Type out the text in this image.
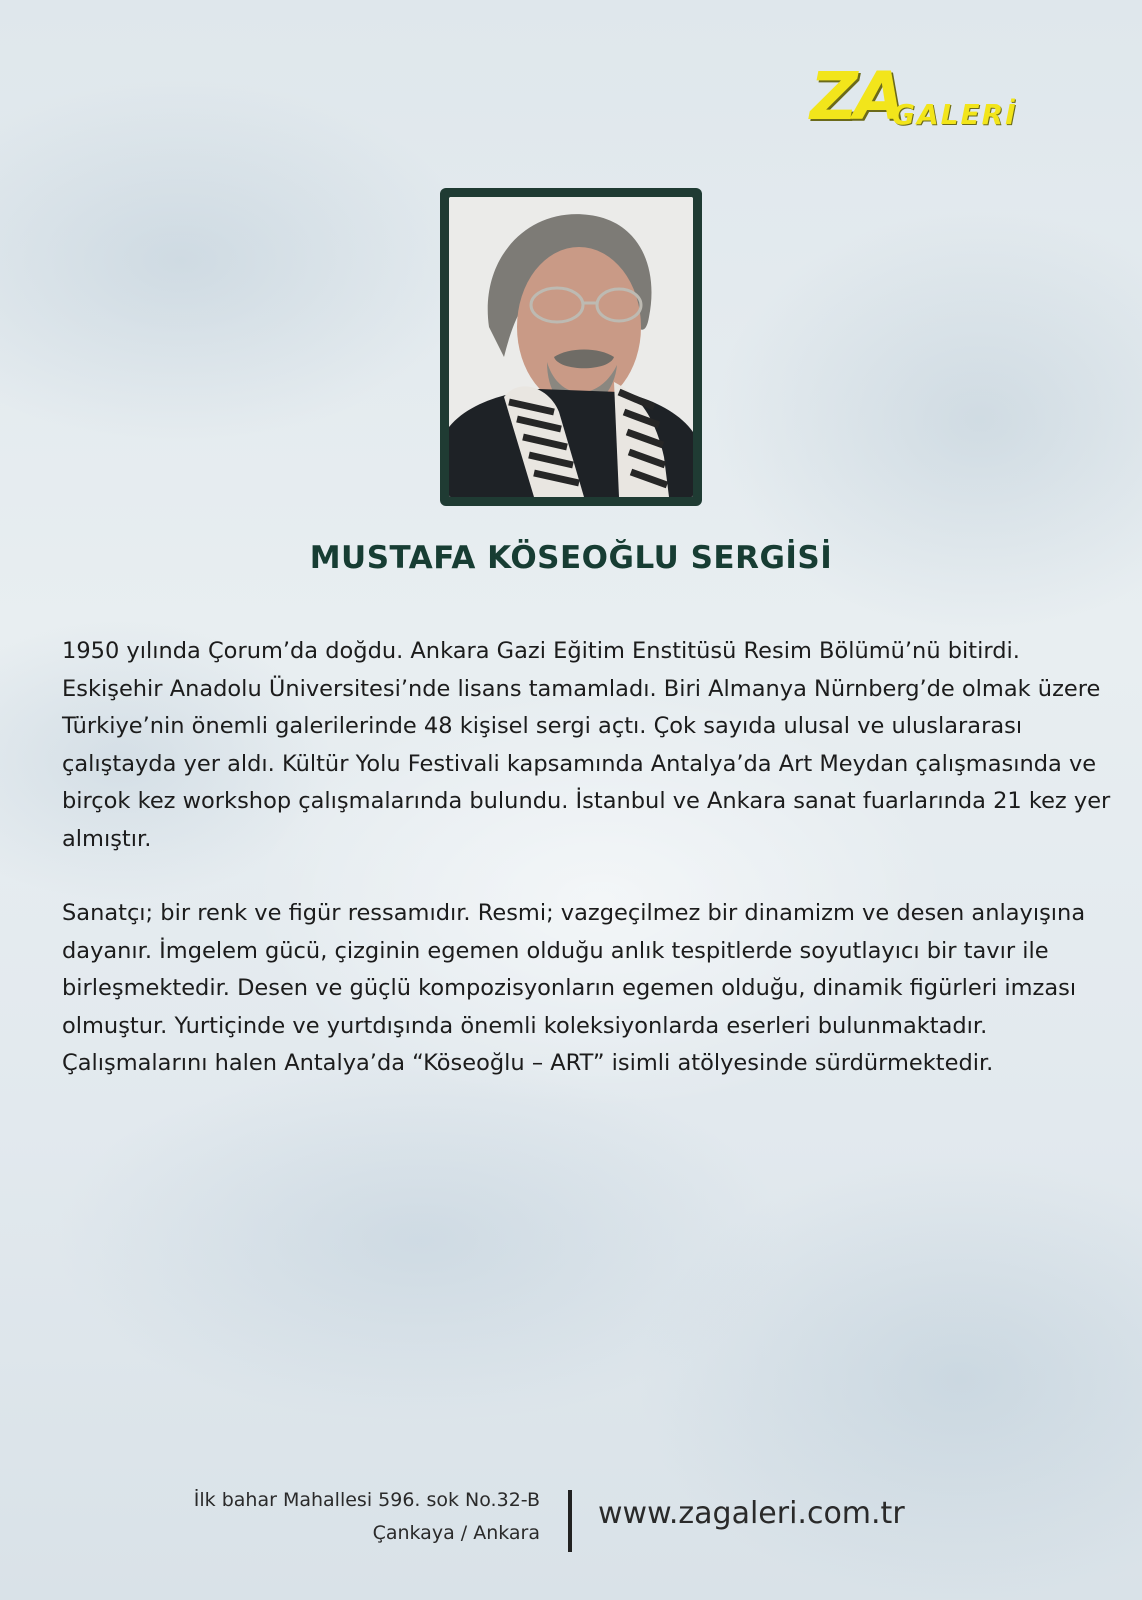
ZA
GALERİ
MUSTAFA KÖSEOĞLU SERGİSİ

1950 yılında Çorum’da doğdu. Ankara Gazi Eğitim Enstitüsü Resim Bölümü’nü bitirdi. Eskişehir Anadolu Üniversitesi’nde lisans tamamladı. Biri Almanya Nürnberg’de olmak üzere Türkiye’nin önemli galerilerinde 48 kişisel sergi açtı. Çok sayıda ulusal ve uluslararası çalıştayda yer aldı. Kültür Yolu Festivali kapsamında Antalya’da Art Meydan çalışmasında ve birçok kez workshop çalışmalarında bulundu. İstanbul ve Ankara sanat fuarlarında 21 kez yer almıştır.

Sanatçı; bir renk ve figür ressamıdır. Resmi; vazgeçilmez bir dinamizm ve desen anlayışına dayanır. İmgelem gücü, çizginin egemen olduğu anlık tespitlerde soyutlayıcı bir tavır ile birleşmektedir. Desen ve güçlü kompozisyonların egemen olduğu, dinamik figürleri imzası olmuştur. Yurtiçinde ve yurtdışında önemli koleksiyonlarda eserleri bulunmaktadır. Çalışmalarını halen Antalya’da “Köseoğlu – ART” isimli atölyesinde sürdürmektedir.

İlk bahar Mahallesi 596. sok No.32-B
Çankaya / Ankara
www.zagaleri.com.tr
